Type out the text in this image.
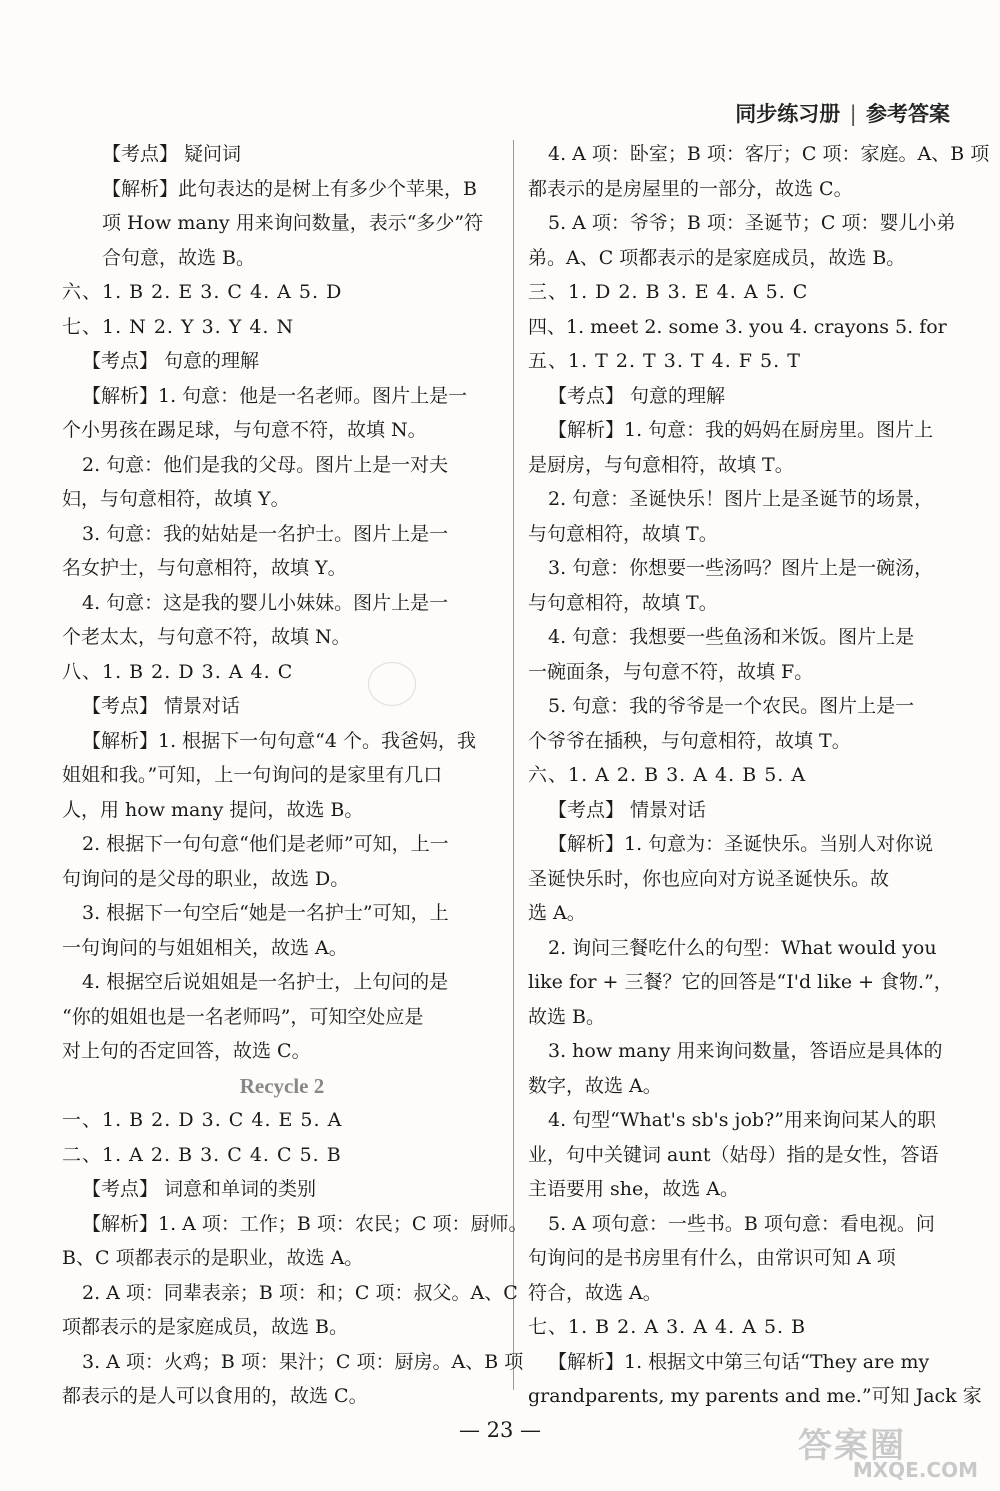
同步练习册 | 参考答案
【考点】 疑问词
【解析】此句表达的是树上有多少个苹果，B
项 How many 用来询问数量，表示“多少”符
合句意，故选 B。
六、1. B 2. E 3. C 4. A 5. D
七、1. N 2. Y 3. Y 4. N
【考点】 句意的理解
【解析】1. 句意：他是一名老师。图片上是一
个小男孩在踢足球，与句意不符，故填 N。
2. 句意：他们是我的父母。图片上是一对夫
妇，与句意相符，故填 Y。
3. 句意：我的姑姑是一名护士。图片上是一
名女护士，与句意相符，故填 Y。
4. 句意：这是我的婴儿小妹妹。图片上是一
个老太太，与句意不符，故填 N。
八、1. B 2. D 3. A 4. C
【考点】 情景对话
【解析】1. 根据下一句句意“4 个。我爸妈，我
姐姐和我。”可知，上一句询问的是家里有几口
人，用 how many 提问，故选 B。
2. 根据下一句句意“他们是老师”可知，上一
句询问的是父母的职业，故选 D。
3. 根据下一句空后“她是一名护士”可知，上
一句询问的与姐姐相关，故选 A。
4. 根据空后说姐姐是一名护士，上句问的是
“你的姐姐也是一名老师吗”，可知空处应是
对上句的否定回答，故选 C。
Recycle 2
一、1. B 2. D 3. C 4. E 5. A
二、1. A 2. B 3. C 4. C 5. B
【考点】 词意和单词的类别
【解析】1. A 项：工作；B 项：农民；C 项：厨师。
B、C 项都表示的是职业，故选 A。
2. A 项：同辈表亲；B 项：和；C 项：叔父。A、C
项都表示的是家庭成员，故选 B。
3. A 项：火鸡；B 项：果汁；C 项：厨房。A、B 项
都表示的是人可以食用的，故选 C。
4. A 项：卧室；B 项：客厅；C 项：家庭。A、B 项
都表示的是房屋里的一部分，故选 C。
5. A 项：爷爷；B 项：圣诞节；C 项：婴儿小弟
弟。A、C 项都表示的是家庭成员，故选 B。
三、1. D 2. B 3. E 4. A 5. C
四、1. meet 2. some 3. you 4. crayons 5. for
五、1. T 2. T 3. T 4. F 5. T
【考点】 句意的理解
【解析】1. 句意：我的妈妈在厨房里。图片上
是厨房，与句意相符，故填 T。
2. 句意：圣诞快乐！图片上是圣诞节的场景，
与句意相符，故填 T。
3. 句意：你想要一些汤吗？图片上是一碗汤，
与句意相符，故填 T。
4. 句意：我想要一些鱼汤和米饭。图片上是
一碗面条，与句意不符，故填 F。
5. 句意：我的爷爷是一个农民。图片上是一
个爷爷在插秧，与句意相符，故填 T。
六、1. A 2. B 3. A 4. B 5. A
【考点】 情景对话
【解析】1. 句意为：圣诞快乐。当别人对你说
圣诞快乐时，你也应向对方说圣诞快乐。故
选 A。
2. 询问三餐吃什么的句型：What would you
like for + 三餐？它的回答是“I'd like + 食物.”，
故选 B。
3. how many 用来询问数量，答语应是具体的
数字，故选 A。
4. 句型“What's sb's job?”用来询问某人的职
业，句中关键词 aunt（姑母）指的是女性，答语
主语要用 she，故选 A。
5. A 项句意：一些书。B 项句意：看电视。问
句询问的是书房里有什么，由常识可知 A 项
符合，故选 A。
七、1. B 2. A 3. A 4. A 5. B
【解析】1. 根据文中第三句话“They are my
grandparents, my parents and me.”可知 Jack 家
— 23 —	答案圈
MXQE.COM
